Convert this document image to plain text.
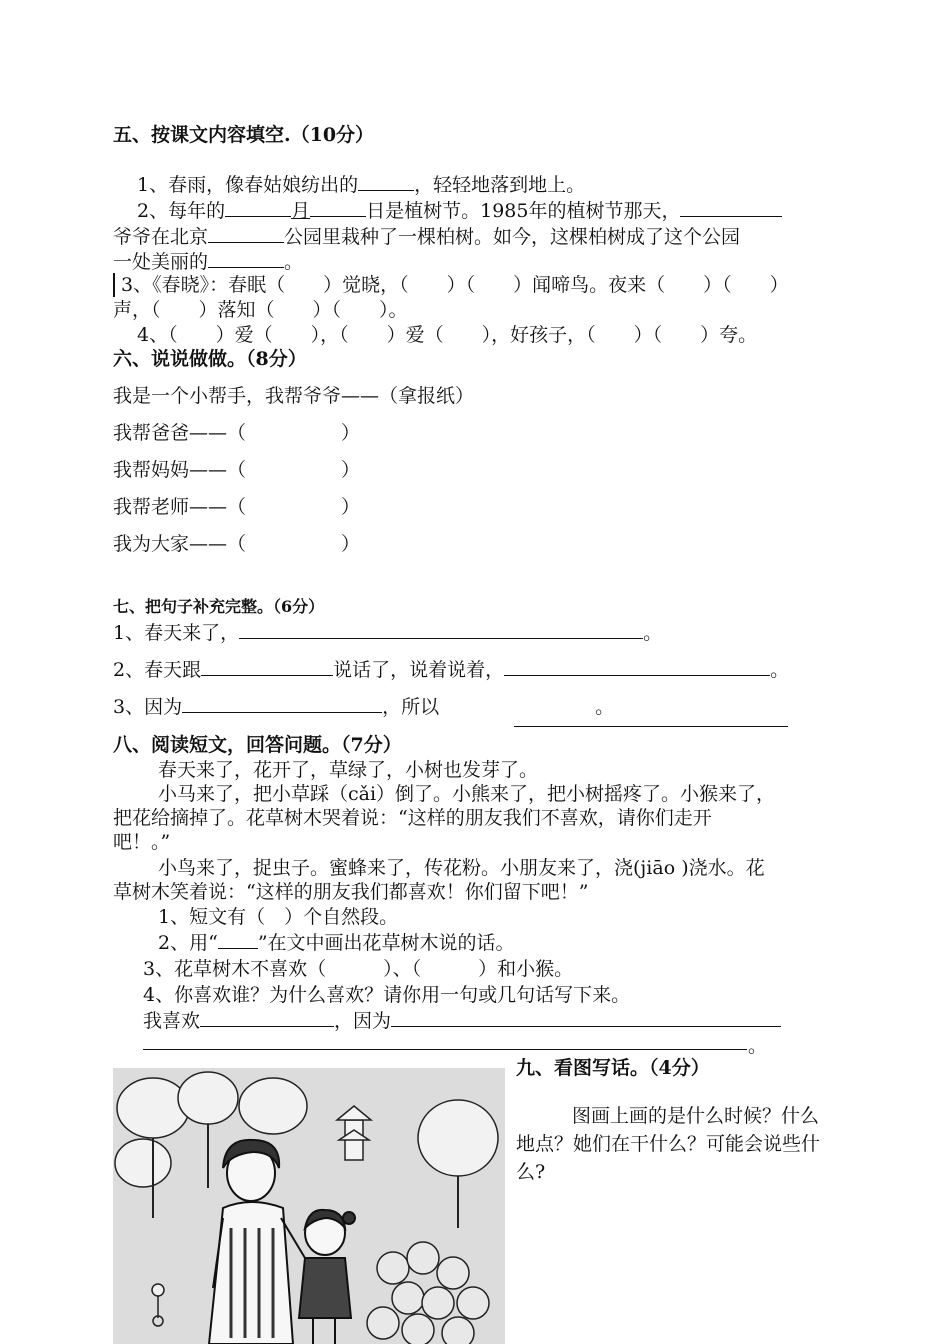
五、按课文内容填空.（10分）
1、春雨，像春姑娘纺出的	，轻轻地落到地上。
2、每年的	月	日是植树节。1985年的植树节那天，
爷爷在北京	公园里栽种了一棵柏树。如今，这棵柏树成了这个公园
一处美丽的	。
3、《春晓》：春眠（　　）觉晓，（　　）（　　）闻啼鸟。夜来（　　）（　　）
声，（　　）落知（　　）（　　）。
4、（　　）爱（　　），（　　）爱（　　），好孩子，（　　）（　　）夸。
六、说说做做。（8分）
我是一个小帮手，我帮爷爷——（拿报纸）
我帮爸爸——（　　　　　）
我帮妈妈——（　　　　　）
我帮老师——（　　　　　）
我为大家——（　　　　　）
七、把句子补充完整。（6分）
1、春天来了，	。
2、春天跟	说话了，说着说着，	。
3、因为	，所以	。
八、阅读短文，回答问题。（7分）
春天来了，花开了，草绿了，小树也发芽了。
小马来了，把小草踩（cǎi）倒了。小熊来了，把小树摇疼了。小猴来了，
把花给摘掉了。花草树木哭着说：“这样的朋友我们不喜欢，请你们走开
吧！。”
小鸟来了，捉虫子。蜜蜂来了，传花粉。小朋友来了，浇(jiāo )浇水。花
草树木笑着说：“这样的朋友我们都喜欢！你们留下吧！”
1、短文有（　）个自然段。
2、用“ ”在文中画出花草树木说的话。
3、花草树木不喜欢（　　　）、（　　　）和小猴。
4、你喜欢谁？为什么喜欢？请你用一句或几句话写下来。
我喜欢	，因为
。
九、看图写话。（4分）
图画上画的是什么时候？什么地点？她们在干什么？可能会说些什么?
